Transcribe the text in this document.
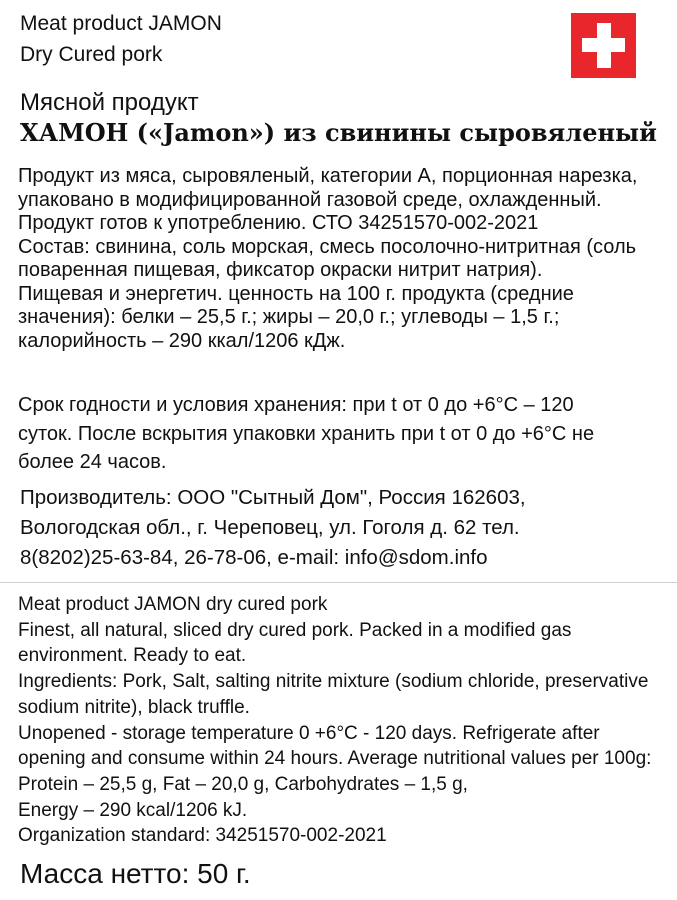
Meat product JAMON
Dry Cured pork
Мясной продукт
ХАМОН («Jamon») из свинины сыровяленый
Продукт из мяса, сыровяленый, категории А, порционная нарезка,
упаковано в модифицированной газовой среде, охлажденный.
Продукт готов к употреблению. СТО 34251570-002-2021
Состав: свинина, соль морская, смесь посолочно-нитритная (соль
поваренная пищевая, фиксатор окраски нитрит натрия).
Пищевая и энергетич. ценность на 100 г. продукта (средние
значения): белки – 25,5 г.; жиры – 20,0 г.; углеводы – 1,5 г.;
калорийность – 290 ккал/1206 кДж.
Срок годности и условия хранения: при t от 0 до +6°С – 120
суток. После вскрытия упаковки хранить при t от 0 до +6°С не
более 24 часов.
Производитель: ООО "Сытный Дом", Россия 162603,
Вологодская обл., г. Череповец, ул. Гоголя д. 62 тел.
8(8202)25-63-84, 26-78-06, e-mail: info@sdom.info
Meat product JAMON dry cured pork
Finest, all natural, sliced dry cured pork. Packed in a modified gas
environment. Ready to eat.
Ingredients: Pork, Salt, salting nitrite mixture (sodium chloride, preservative
sodium nitrite), black truffle.
Unopened - storage temperature 0 +6°C - 120 days. Refrigerate after
opening and consume within 24 hours. Average nutritional values per 100g:
Protein – 25,5 g, Fat – 20,0 g, Carbohydrates – 1,5 g,
Energy – 290 kcal/1206 kJ.
Organization standard: 34251570-002-2021
Масса нетто: 50 г.
